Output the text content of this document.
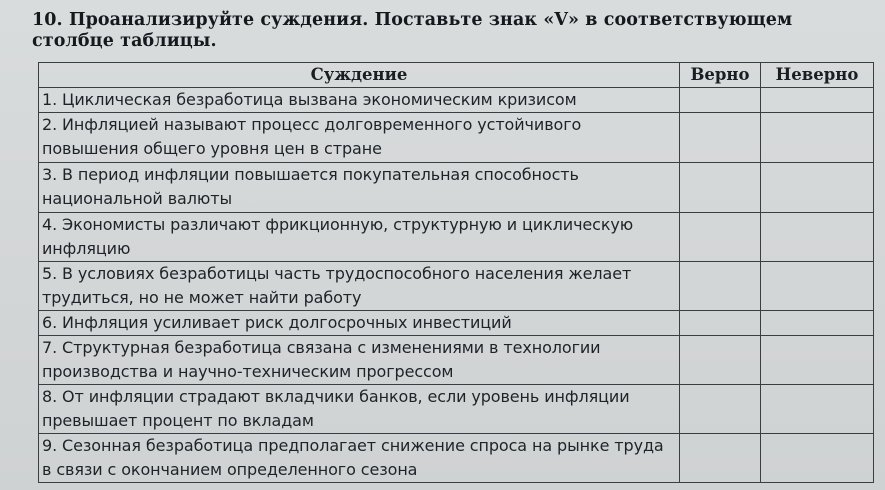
10. Проанализируйте суждения. Поставьте знак «V» в соответствующем столбце таблицы.
Суждение	Верно	Неверно
1. Циклическая безработица вызвана экономическим кризисом		
2. Инфляцией называют процесс долговременного устойчивого повышения общего уровня цен в стране		
3. В период инфляции повышается покупательная способность национальной валюты		
4. Экономисты различают фрикционную, структурную и циклическую инфляцию		
5. В условиях безработицы часть трудоспособного населения желает трудиться, но не может найти работу		
6. Инфляция усиливает риск долгосрочных инвестиций		
7. Структурная безработица связана с изменениями в технологии производства и научно-техническим прогрессом		
8. От инфляции страдают вкладчики банков, если уровень инфляции превышает процент по вкладам		
9. Сезонная безработица предполагает снижение спроса на рынке труда в связи с окончанием определенного сезона		
